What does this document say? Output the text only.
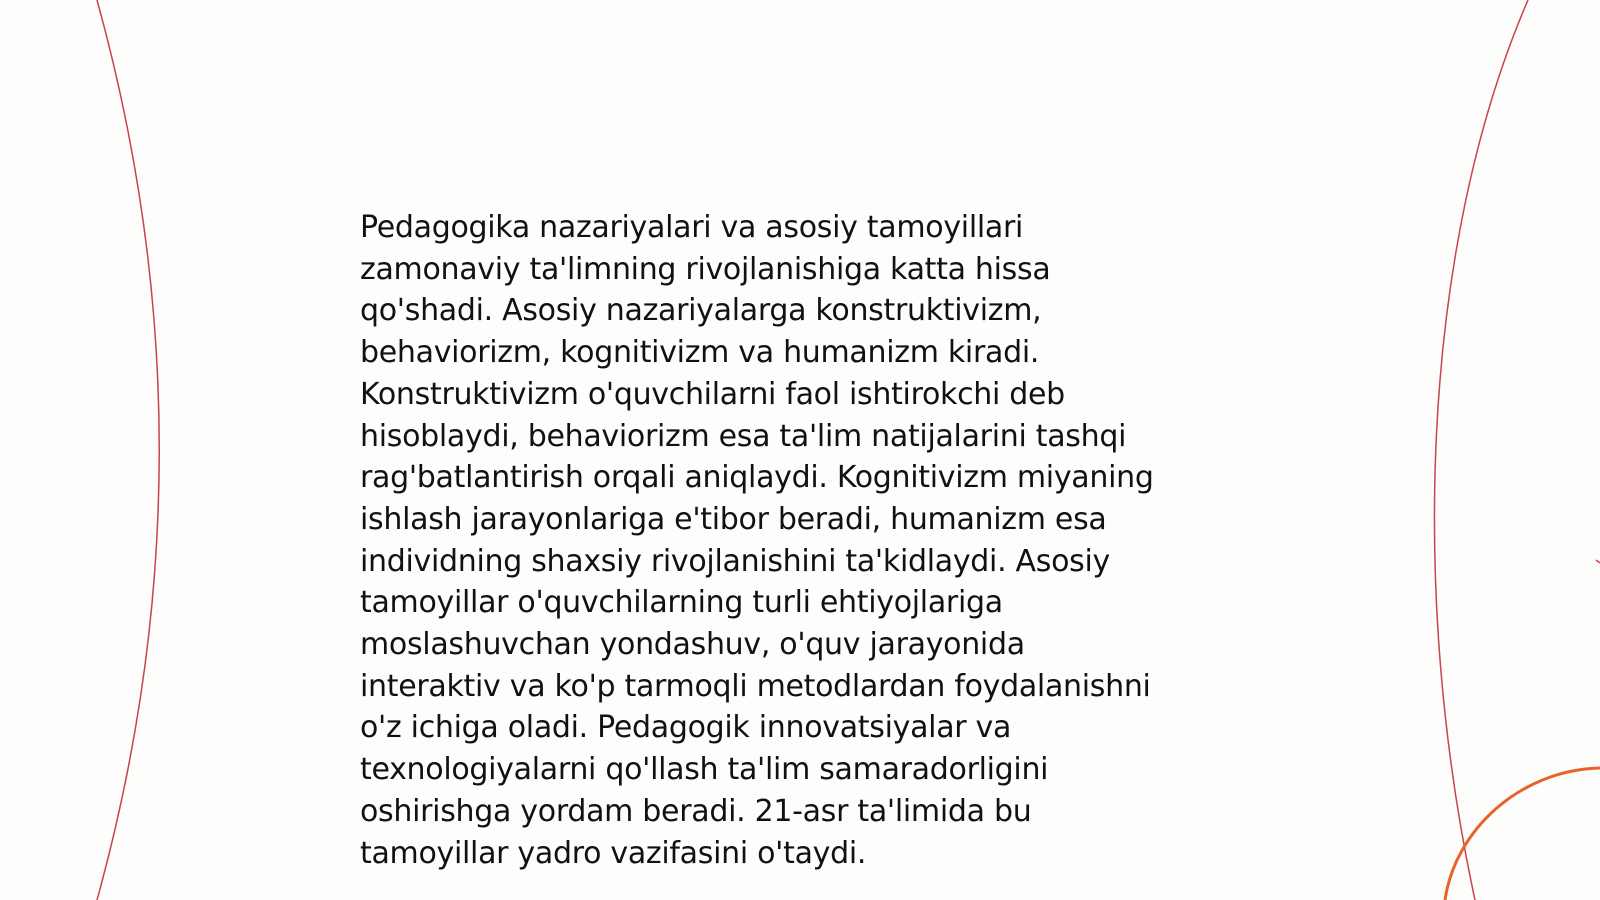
Pedagogika nazariyalari va asosiy tamoyillari
zamonaviy ta'limning rivojlanishiga katta hissa
qo'shadi. Asosiy nazariyalarga konstruktivizm,
behaviorizm, kognitivizm va humanizm kiradi.
Konstruktivizm o'quvchilarni faol ishtirokchi deb
hisoblaydi, behaviorizm esa ta'lim natijalarini tashqi
rag'batlantirish orqali aniqlaydi. Kognitivizm miyaning
ishlash jarayonlariga e'tibor beradi, humanizm esa
individning shaxsiy rivojlanishini ta'kidlaydi. Asosiy
tamoyillar o'quvchilarning turli ehtiyojlariga
moslashuvchan yondashuv, o'quv jarayonida
interaktiv va ko'p tarmoqli metodlardan foydalanishni
o'z ichiga oladi. Pedagogik innovatsiyalar va
texnologiyalarni qo'llash ta'lim samaradorligini
oshirishga yordam beradi. 21-asr ta'limida bu
tamoyillar yadro vazifasini o'taydi.
